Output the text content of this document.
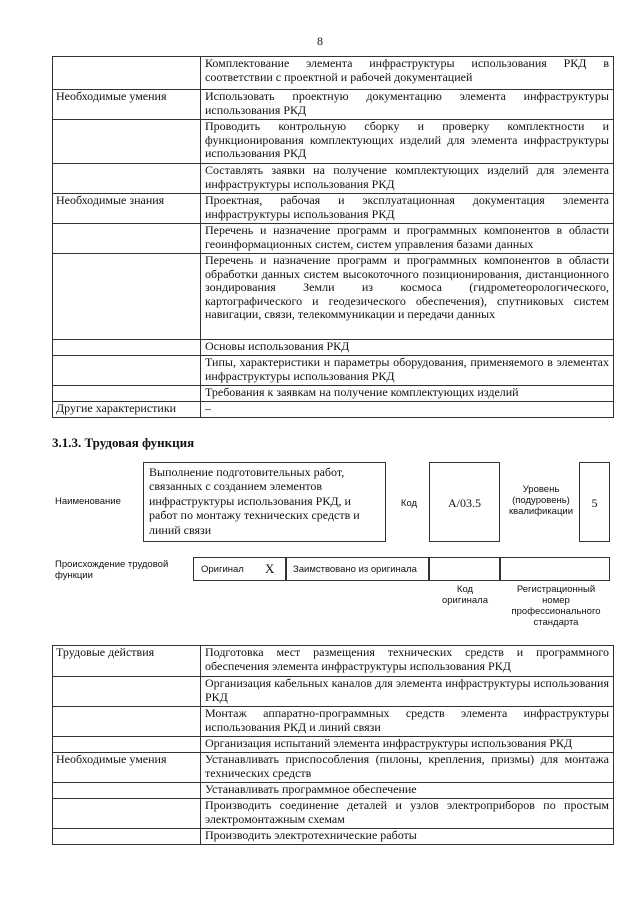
8
	Комплектование элемента инфраструктуры использования РКД в соответствии с проектной и рабочей документацией
Необходимые умения	Использовать проектную документацию элемента инфраструктуры использования РКД
	Проводить контрольную сборку и проверку комплектности и функционирования комплектующих изделий для элемента инфраструктуры использования РКД
	Составлять заявки на получение комплектующих изделий для элемента инфраструктуры использования РКД
Необходимые знания	Проектная, рабочая и эксплуатационная документация элемента инфраструктуры использования РКД
	Перечень и назначение программ и программных компонентов в области геоинформационных систем, систем управления базами данных
	Перечень и назначение программ и программных компонентов в области обработки данных систем высокоточного позиционирования, дистанционного зондирования Земли из космоса (гидрометеорологического, картографического и геодезического обеспечения), спутниковых систем навигации, связи, телекоммуникации и передачи данных
	Основы использования РКД
	Типы, характеристики и параметры оборудования, применяемого в элементах инфраструктуры использования РКД
	Требования к заявкам на получение комплектующих изделий
Другие характеристики	–
3.1.3. Трудовая функция
Наименование
Выполнение подготовительных работ, связанных с созданием элементов инфраструктуры использования РКД, и работ по монтажу технических средств и линий связи
Код	А/03.5
Уровень (подуровень) квалификации
5
Происхождение трудовой функции
Оригинал X Заимствовано из оригинала
Код оригинала
Регистрационный номер профессионального стандарта
Трудовые действия	Подготовка мест размещения технических средств и программного обеспечения элемента инфраструктуры использования РКД
	Организация кабельных каналов для элемента инфраструктуры использования РКД
	Монтаж аппаратно-программных средств элемента инфраструктуры использования РКД и линий связи
	Организация испытаний элемента инфраструктуры использования РКД
Необходимые умения	Устанавливать приспособления (пилоны, крепления, призмы) для монтажа технических средств
	Устанавливать программное обеспечение
	Производить соединение деталей и узлов электроприборов по простым электромонтажным схемам
	Производить электротехнические работы
